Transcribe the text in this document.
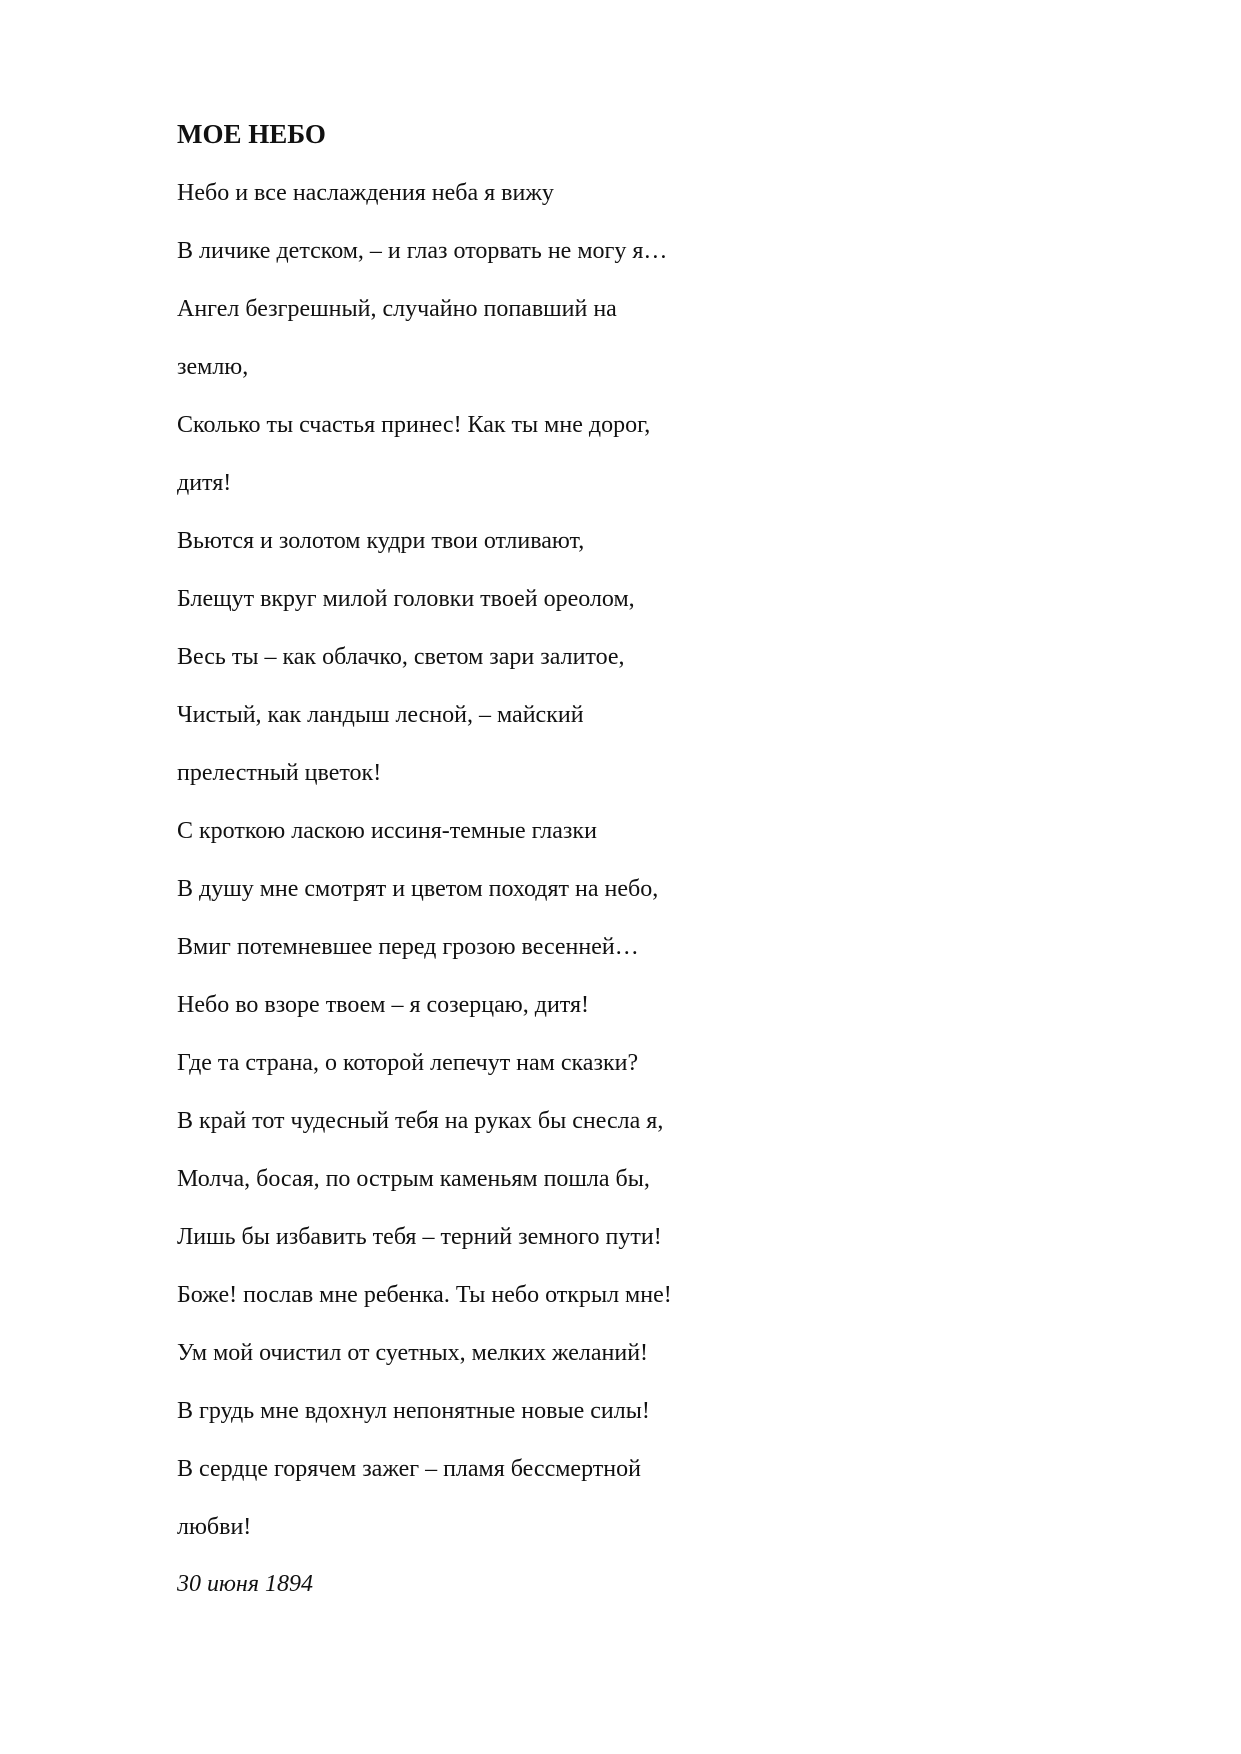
МОЕ НЕБО
Небо и все наслаждения неба я вижу
В личике детском, – и глаз оторвать не могу я…
Ангел безгрешный, случайно попавший на
землю,
Сколько ты счастья принес! Как ты мне дорог,
дитя!
Вьются и золотом кудри твои отливают,
Блещут вкруг милой головки твоей ореолом,
Весь ты – как облачко, светом зари залитое,
Чистый, как ландыш лесной, – майский
прелестный цветок!
С кроткою ласкою иссиня-темные глазки
В душу мне смотрят и цветом походят на небо,
Вмиг потемневшее перед грозою весенней…
Небо во взоре твоем – я созерцаю, дитя!
Где та страна, о которой лепечут нам сказки?
В край тот чудесный тебя на руках бы снесла я,
Молча, босая, по острым каменьям пошла бы,
Лишь бы избавить тебя – терний земного пути!
Боже! послав мне ребенка. Ты небо открыл мне!
Ум мой очистил от суетных, мелких желаний!
В грудь мне вдохнул непонятные новые силы!
В сердце горячем зажег – пламя бессмертной
любви!

30 июня 1894
